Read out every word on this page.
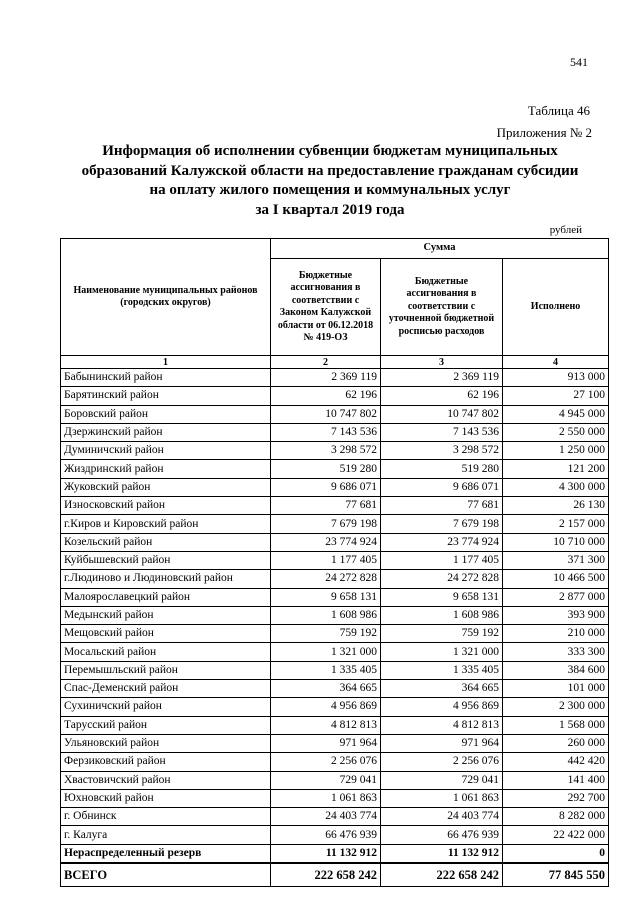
541
Таблица 46
Приложения № 2
Информация об исполнении субвенции бюджетам муниципальных
образований Калужской области на предоставление гражданам субсидии
на оплату жилого помещения и коммунальных услуг
за I квартал 2019 года
рублей
Наименование муниципальных районов (городских округов)	Сумма		
	Бюджетные ассигнования в соответствии с Законом Калужской области от 06.12.2018 № 419-ОЗ	Бюджетные ассигнования в соответствии с уточненной бюджетной росписью расходов	Исполнено
1	2	3	4
Бабынинский район	2 369 119	2 369 119	913 000
Барятинский район	62 196	62 196	27 100
Боровский район	10 747 802	10 747 802	4 945 000
Дзержинский район	7 143 536	7 143 536	2 550 000
Думиничский район	3 298 572	3 298 572	1 250 000
Жиздринский район	519 280	519 280	121 200
Жуковский район	9 686 071	9 686 071	4 300 000
Износковский район	77 681	77 681	26 130
г.Киров и Кировский район	7 679 198	7 679 198	2 157 000
Козельский район	23 774 924	23 774 924	10 710 000
Куйбышевский район	1 177 405	1 177 405	371 300
г.Людиново и Людиновский район	24 272 828	24 272 828	10 466 500
Малоярославецкий район	9 658 131	9 658 131	2 877 000
Медынский район	1 608 986	1 608 986	393 900
Мещовский район	759 192	759 192	210 000
Мосальский район	1 321 000	1 321 000	333 300
Перемышльский район	1 335 405	1 335 405	384 600
Спас-Деменский район	364 665	364 665	101 000
Сухиничский район	4 956 869	4 956 869	2 300 000
Тарусский район	4 812 813	4 812 813	1 568 000
Ульяновский район	971 964	971 964	260 000
Ферзиковский район	2 256 076	2 256 076	442 420
Хвастовичский район	729 041	729 041	141 400
Юхновский район	1 061 863	1 061 863	292 700
г. Обнинск	24 403 774	24 403 774	8 282 000
г. Калуга	66 476 939	66 476 939	22 422 000
Нераспределенный резерв	11 132 912	11 132 912	0
ВСЕГО	222 658 242	222 658 242	77 845 550
